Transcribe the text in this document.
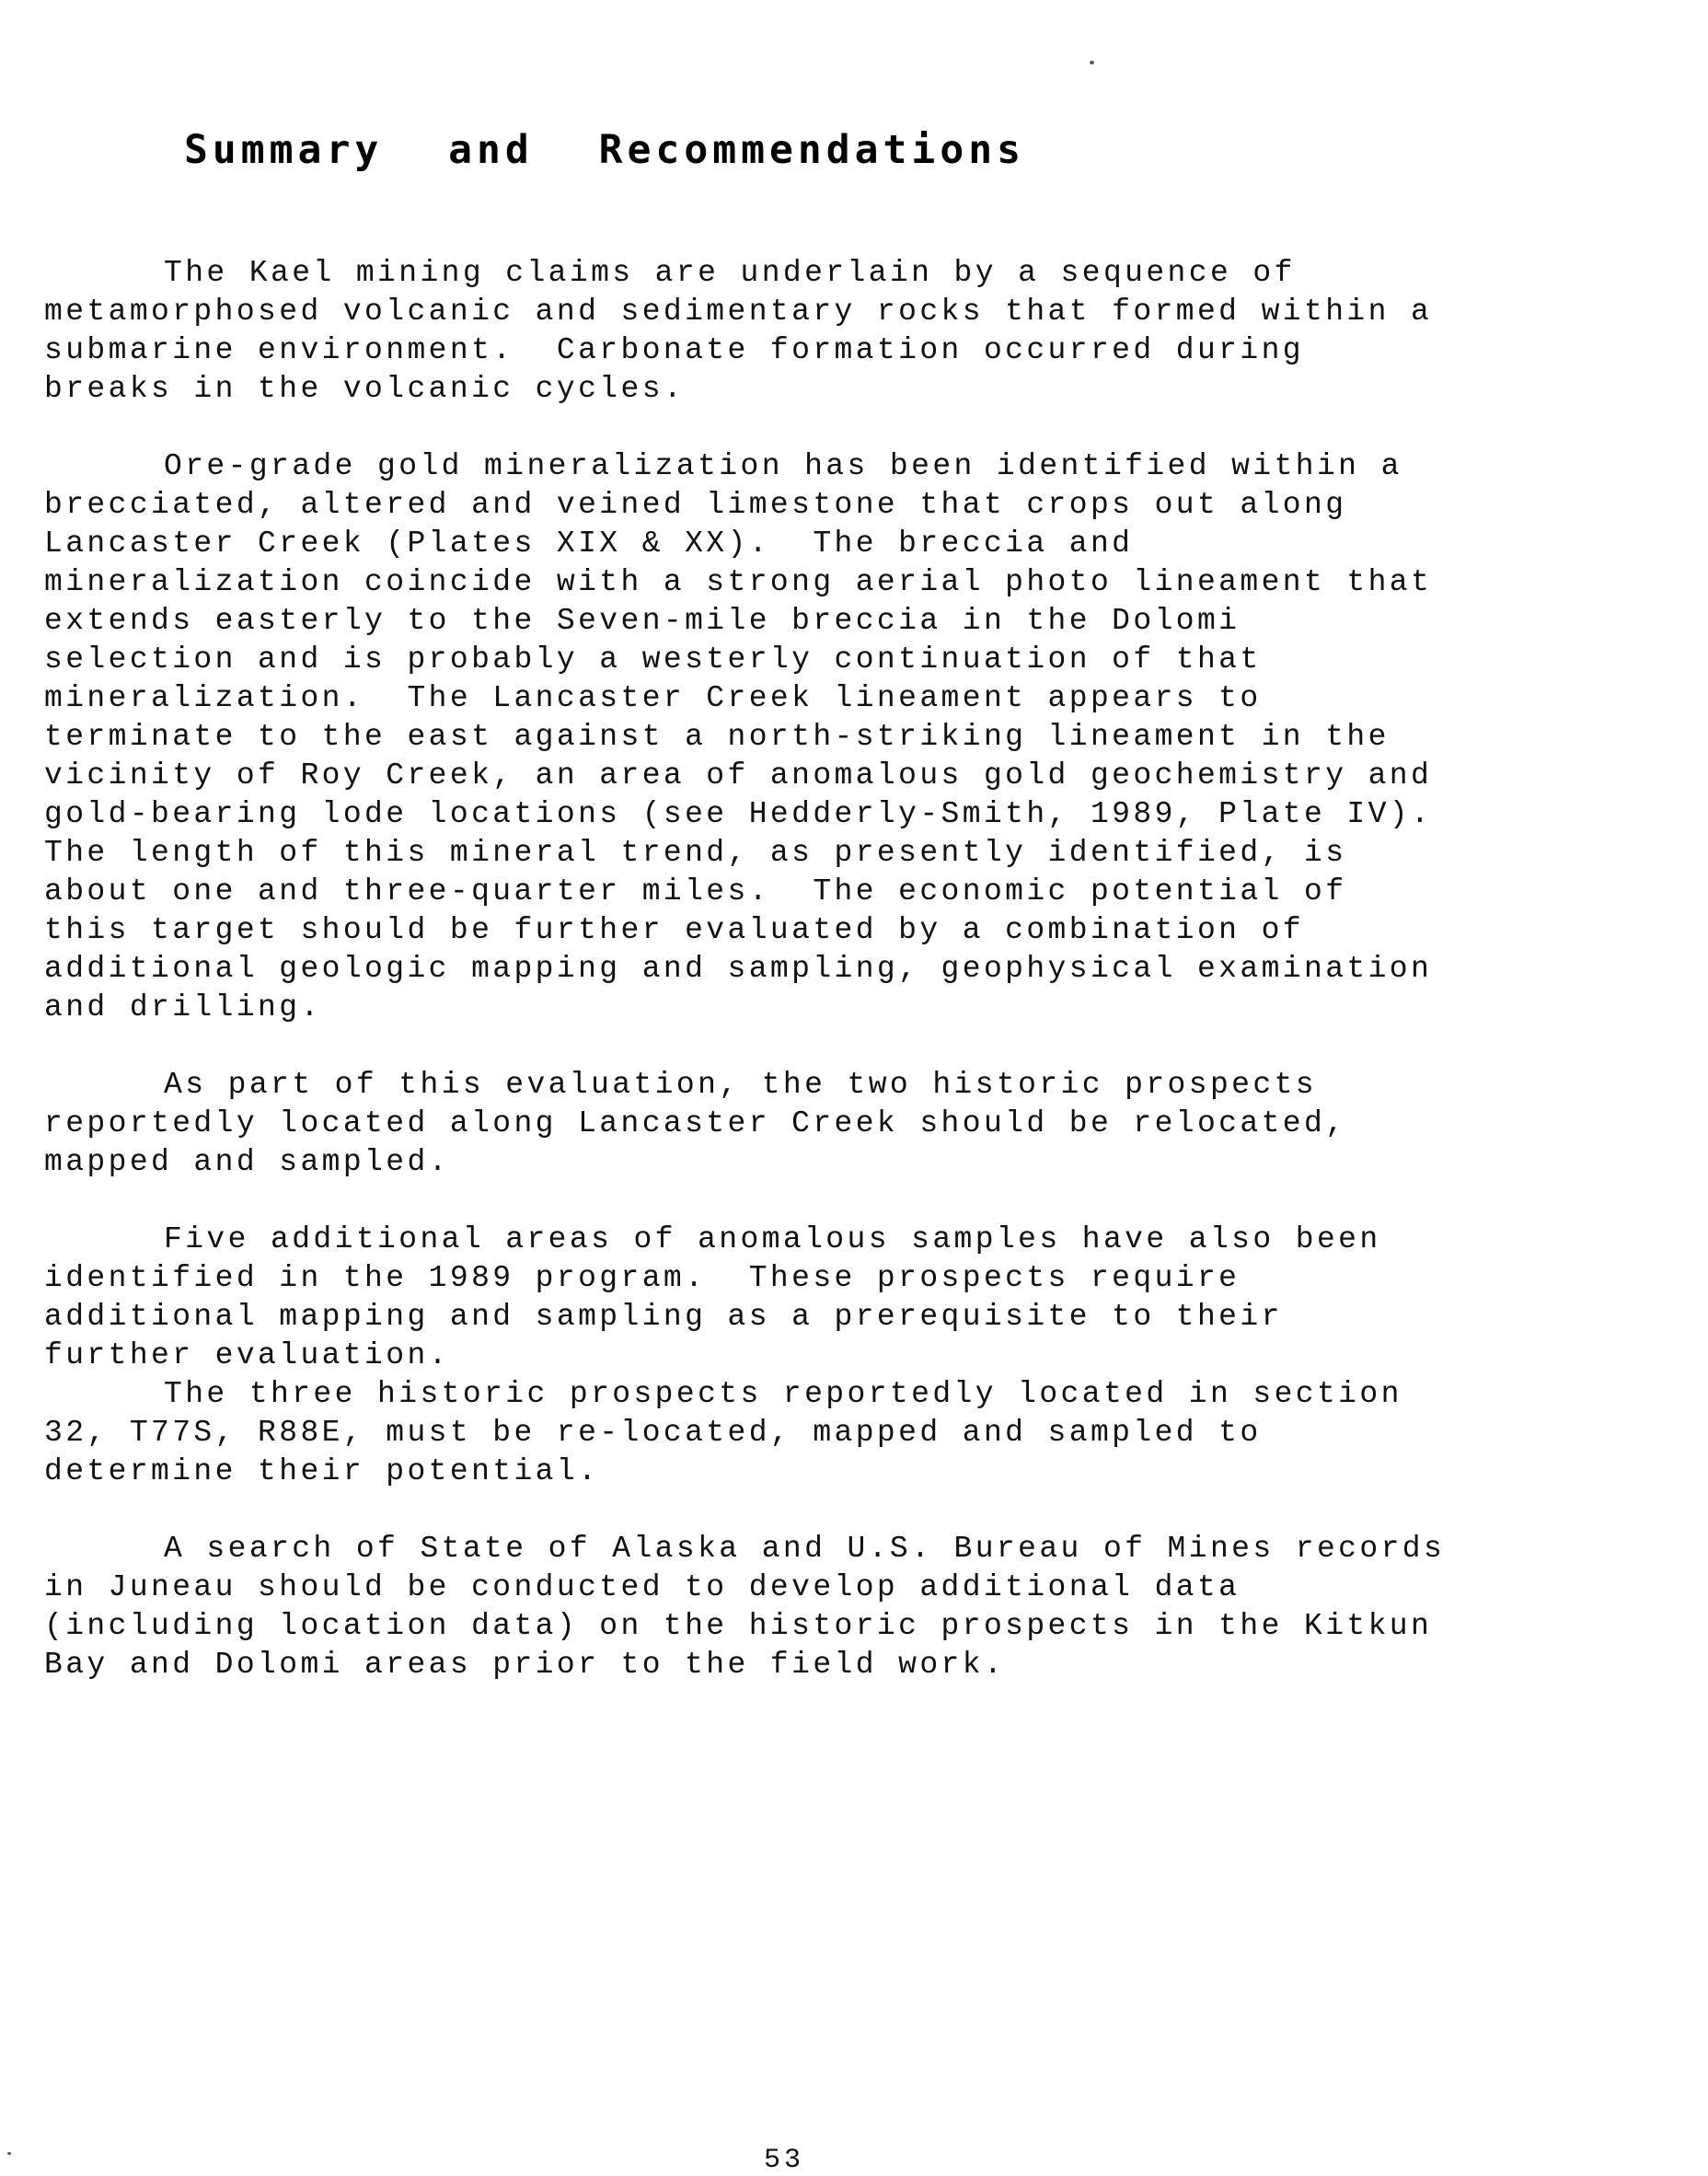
Summary and Recommendations
The Kael mining claims are underlain by a sequence of
metamorphosed volcanic and sedimentary rocks that formed within a
submarine environment.  Carbonate formation occurred during
breaks in the volcanic cycles.
Ore-grade gold mineralization has been identified within a
brecciated, altered and veined limestone that crops out along
Lancaster Creek (Plates XIX & XX).  The breccia and
mineralization coincide with a strong aerial photo lineament that
extends easterly to the Seven-mile breccia in the Dolomi
selection and is probably a westerly continuation of that
mineralization.  The Lancaster Creek lineament appears to
terminate to the east against a north-striking lineament in the
vicinity of Roy Creek, an area of anomalous gold geochemistry and
gold-bearing lode locations (see Hedderly-Smith, 1989, Plate IV).
The length of this mineral trend, as presently identified, is
about one and three-quarter miles.  The economic potential of
this target should be further evaluated by a combination of
additional geologic mapping and sampling, geophysical examination
and drilling.
As part of this evaluation, the two historic prospects
reportedly located along Lancaster Creek should be relocated,
mapped and sampled.
Five additional areas of anomalous samples have also been
identified in the 1989 program.  These prospects require
additional mapping and sampling as a prerequisite to their
further evaluation.
The three historic prospects reportedly located in section
32, T77S, R88E, must be re-located, mapped and sampled to
determine their potential.
A search of State of Alaska and U.S. Bureau of Mines records
in Juneau should be conducted to develop additional data
(including location data) on the historic prospects in the Kitkun
Bay and Dolomi areas prior to the field work.
53
